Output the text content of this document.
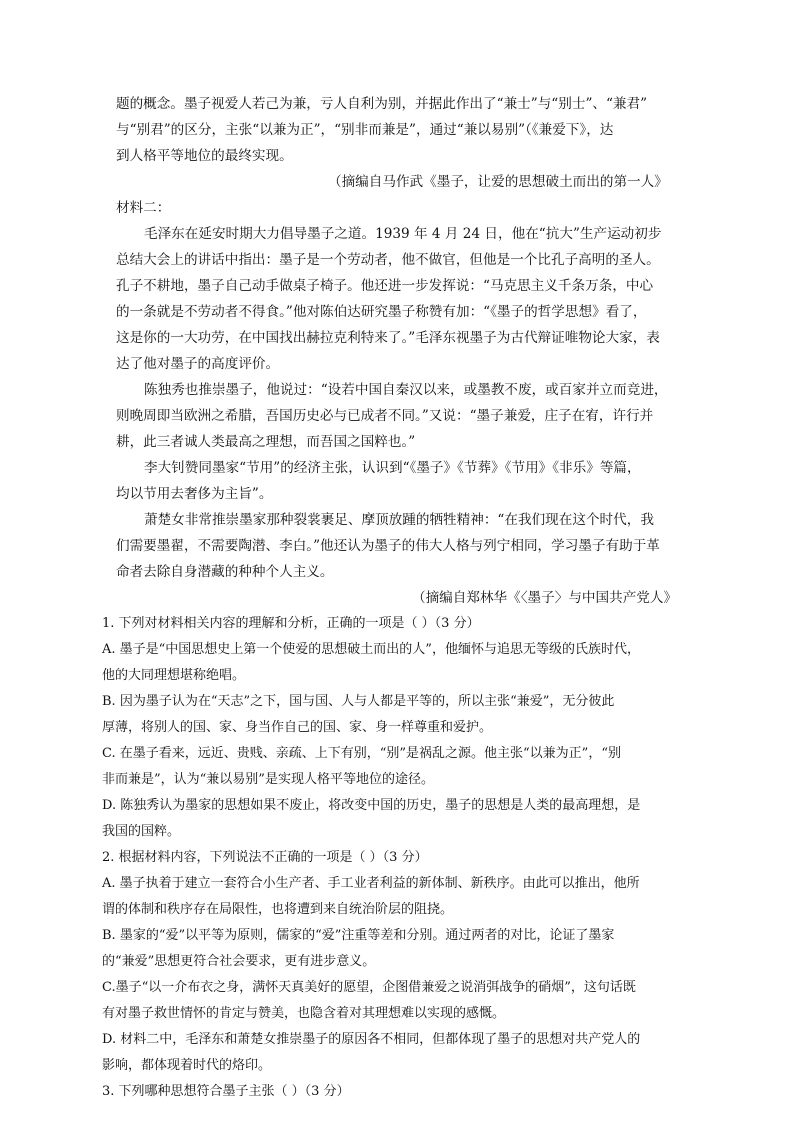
题的概念。墨子视爱人若己为兼，亏人自利为别，并据此作出了“兼士”与“别士”、“兼君”
与“别君”的区分，主张“以兼为正”，“别非而兼是”，通过“兼以易别”（《兼爱下》，达
到人格平等地位的最终实现。
（摘编自马作武《墨子，让爱的思想破土而出的第一人》
材料二：
毛泽东在延安时期大力倡导墨子之道。1939 年 4 月 24 日，他在“抗大”生产运动初步
总结大会上的讲话中指出：墨子是一个劳动者，他不做官，但他是一个比孔子高明的圣人。
孔子不耕地，墨子自己动手做桌子椅子。他还进一步发挥说：“马克思主义千条万条，中心
的一条就是不劳动者不得食。”他对陈伯达研究墨子称赞有加：“《墨子的哲学思想》看了，
这是你的一大功劳，在中国找出赫拉克利特来了。”毛泽东视墨子为古代辩证唯物论大家，表
达了他对墨子的高度评价。
陈独秀也推崇墨子，他说过：“设若中国自秦汉以来，或墨教不废，或百家并立而竞进，
则晚周即当欧洲之希腊，吾国历史必与已成者不同。”又说：“墨子兼爱，庄子在宥，许行并
耕，此三者诚人类最高之理想，而吾国之国粹也。”
李大钊赞同墨家“节用”的经济主张，认识到“《墨子》《节葬》《节用》《非乐》等篇，
均以节用去奢侈为主旨”。
萧楚女非常推崇墨家那种裂裳裹足、摩顶放踵的牺牲精神：“在我们现在这个时代，我
们需要墨翟，不需要陶潜、李白。”他还认为墨子的伟大人格与列宁相同，学习墨子有助于革
命者去除自身潜藏的种种个人主义。
（摘编自郑林华《〈墨子〉与中国共产党人》
1. 下列对材料相关内容的理解和分析，正确的一项是（ ）（3 分）
A. 墨子是“中国思想史上第一个使爱的思想破土而出的人”，他缅怀与追思无等级的氏族时代，
他的大同理想堪称绝唱。
B. 因为墨子认为在“天志”之下，国与国、人与人都是平等的，所以主张“兼爱”，无分彼此
厚薄，将别人的国、家、身当作自己的国、家、身一样尊重和爱护。
C. 在墨子看来，远近、贵贱、亲疏、上下有别，“别”是祸乱之源。他主张“以兼为正”，“别
非而兼是”，认为“兼以易别”是实现人格平等地位的途径。
D. 陈独秀认为墨家的思想如果不废止，将改变中国的历史，墨子的思想是人类的最高理想，是
我国的国粹。
2. 根据材料内容，下列说法不正确的一项是（ ）（3 分）
A. 墨子执着于建立一套符合小生产者、手工业者利益的新体制、新秩序。由此可以推出，他所
谓的体制和秩序存在局限性，也将遭到来自统治阶层的阻挠。
B. 墨家的“爱”以平等为原则，儒家的“爱”注重等差和分别。通过两者的对比，论证了墨家
的“兼爱”思想更符合社会要求，更有进步意义。
C.墨子“以一介布衣之身，满怀天真美好的愿望，企图借兼爱之说消弭战争的硝烟”，这句话既
有对墨子救世情怀的肯定与赞美，也隐含着对其理想难以实现的感慨。
D. 材料二中，毛泽东和萧楚女推崇墨子的原因各不相同，但都体现了墨子的思想对共产党人的
影响，都体现着时代的烙印。
3. 下列哪种思想符合墨子主张（ ）（3 分）
